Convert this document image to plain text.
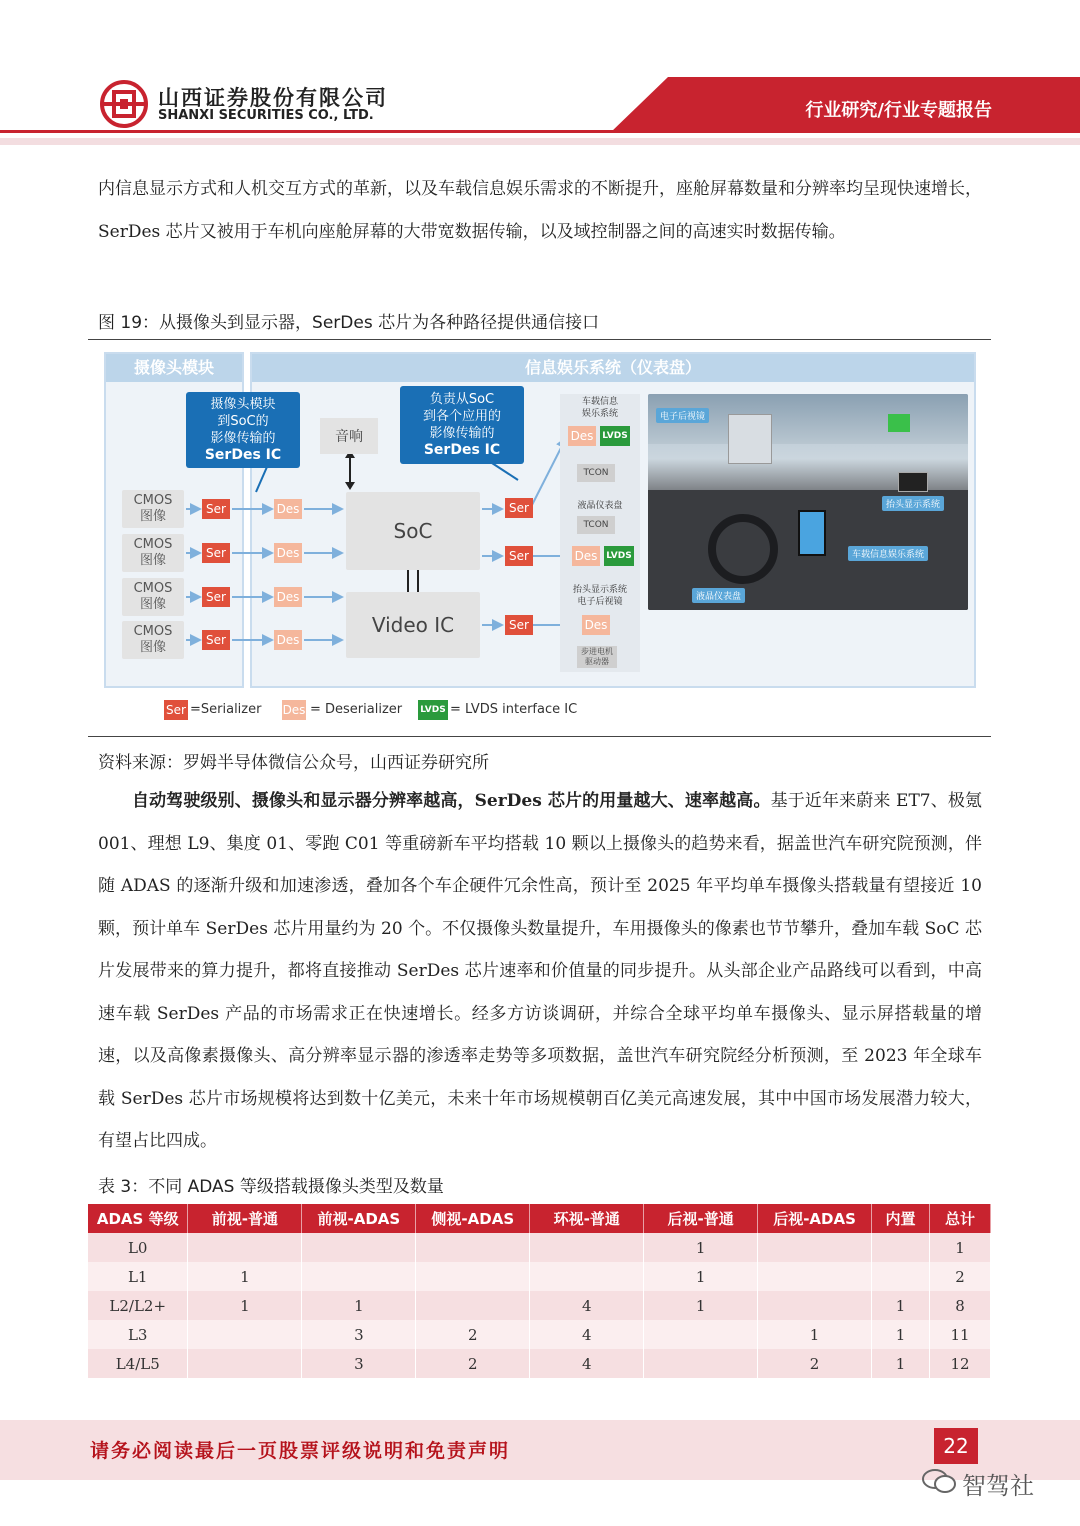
山西证券股份有限公司
SHANXI SECURITIES CO., LTD.	行业研究/行业专题报告
内信息显示方式和人机交互方式的革新，以及车载信息娱乐需求的不断提升，座舱屏幕数量和分辨率均呈现快速增长，SerDes 芯片又被用于车机向座舱屏幕的大带宽数据传输，以及域控制器之间的高速实时数据传输。
图 19：从摄像头到显示器，SerDes 芯片为各种路径提供通信接口
摄像头模块	信息娱乐系统（仪表盘）
CMOS
图像
CMOS
图像
CMOS
图像
CMOS
图像
Ser
Ser
Ser
Ser
Des
Des
Des
Des
摄像头模块
到SoC的
影像传输的
SerDes IC
负责从SoC
到各个应用的
影像传输的
SerDes IC
音响
SoC
Video IC
Ser
Ser
Ser
车载信息
娱乐系统
Des LVDS
TCON
液晶仪表盘
TCON
Des LVDS
抬头显示系统
电子后视镜
Des
步进电机
驱动器
电子后视镜
抬头显示系统
车载信息娱乐系统
液晶仪表盘
Ser =Serializer Des = Deserializer LVDS = LVDS interface IC
资料来源：罗姆半导体微信公众号，山西证券研究所
自动驾驶级别、摄像头和显示器分辨率越高，SerDes 芯片的用量越大、速率越高。基于近年来蔚来 ET7、极氪 001、理想 L9、集度 01、零跑 C01 等重磅新车平均搭载 10 颗以上摄像头的趋势来看，据盖世汽车研究院预测，伴随 ADAS 的逐渐升级和加速渗透，叠加各个车企硬件冗余性高，预计至 2025 年平均单车摄像头搭载量有望接近 10 颗，预计单车 SerDes 芯片用量约为 20 个。不仅摄像头数量提升，车用摄像头的像素也节节攀升，叠加车载 SoC 芯片发展带来的算力提升，都将直接推动 SerDes 芯片速率和价值量的同步提升。从头部企业产品路线可以看到，中高速车载 SerDes 产品的市场需求正在快速增长。经多方访谈调研，并综合全球平均单车摄像头、显示屏搭载量的增速，以及高像素摄像头、高分辨率显示器的渗透率走势等多项数据，盖世汽车研究院经分析预测，至 2023 年全球车载 SerDes 芯片市场规模将达到数十亿美元，未来十年市场规模朝百亿美元高速发展，其中中国市场发展潜力较大，有望占比四成。
表 3：不同 ADAS 等级搭载摄像头类型及数量
ADAS 等级	前视-普通	前视-ADAS	侧视-ADAS	环视-普通	后视-普通	后视-ADAS	内置	总计
L0					1			1
L1	1				1			2
L2/L2+	1	1		4	1		1	8
L3		3	2	4		1	1	11
L4/L5		3	2	4		2	1	12
请务必阅读最后一页股票评级说明和免责声明	22
智驾社
